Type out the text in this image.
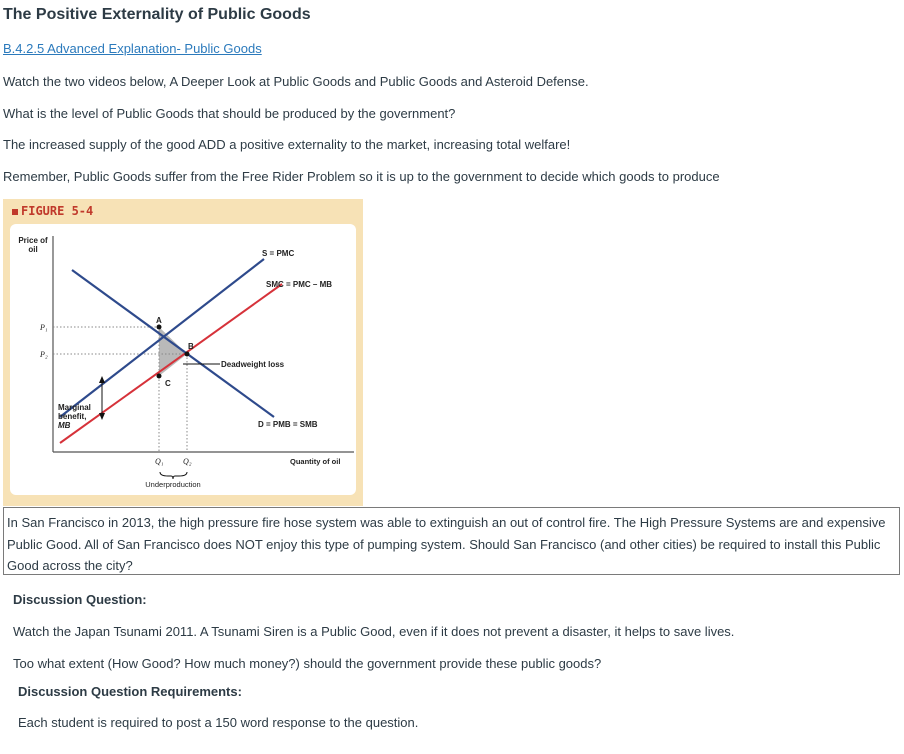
The Positive Externality of Public Goods
B.4.2.5 Advanced Explanation- Public Goods

Watch the two videos below, A Deeper Look at Public Goods and Public Goods and Asteroid Defense.

What is the level of Public Goods that should be produced by the government?

The increased supply of the good ADD a positive externality to the market, increasing total welfare!

Remember, Public Goods suffer from the Free Rider Problem so it is up to the government to decide which goods to produce

FIGURE 5-4
Price of
oil	S = PMC
SMC = PMC – MB
Deadweight loss
Marginal
benefit,
MB	D = PMB = SMB
Quantity of oil
A
B
C
P₁
P₂
Q₁ Q₂
Underproduction
In San Francisco in 2013, the high pressure fire hose system was able to extinguish an out of control fire. The High Pressure Systems are and expensive Public Good. All of San Francisco does NOT enjoy this type of pumping system. Should San Francisco (and other cities) be required to install this Public Good across the city?

Discussion Question:

Watch the Japan Tsunami 2011. A Tsunami Siren is a Public Good, even if it does not prevent a disaster, it helps to save lives.

Too what extent (How Good? How much money?) should the government provide these public goods?

Discussion Question Requirements:

Each student is required to post a 150 word response to the question.
